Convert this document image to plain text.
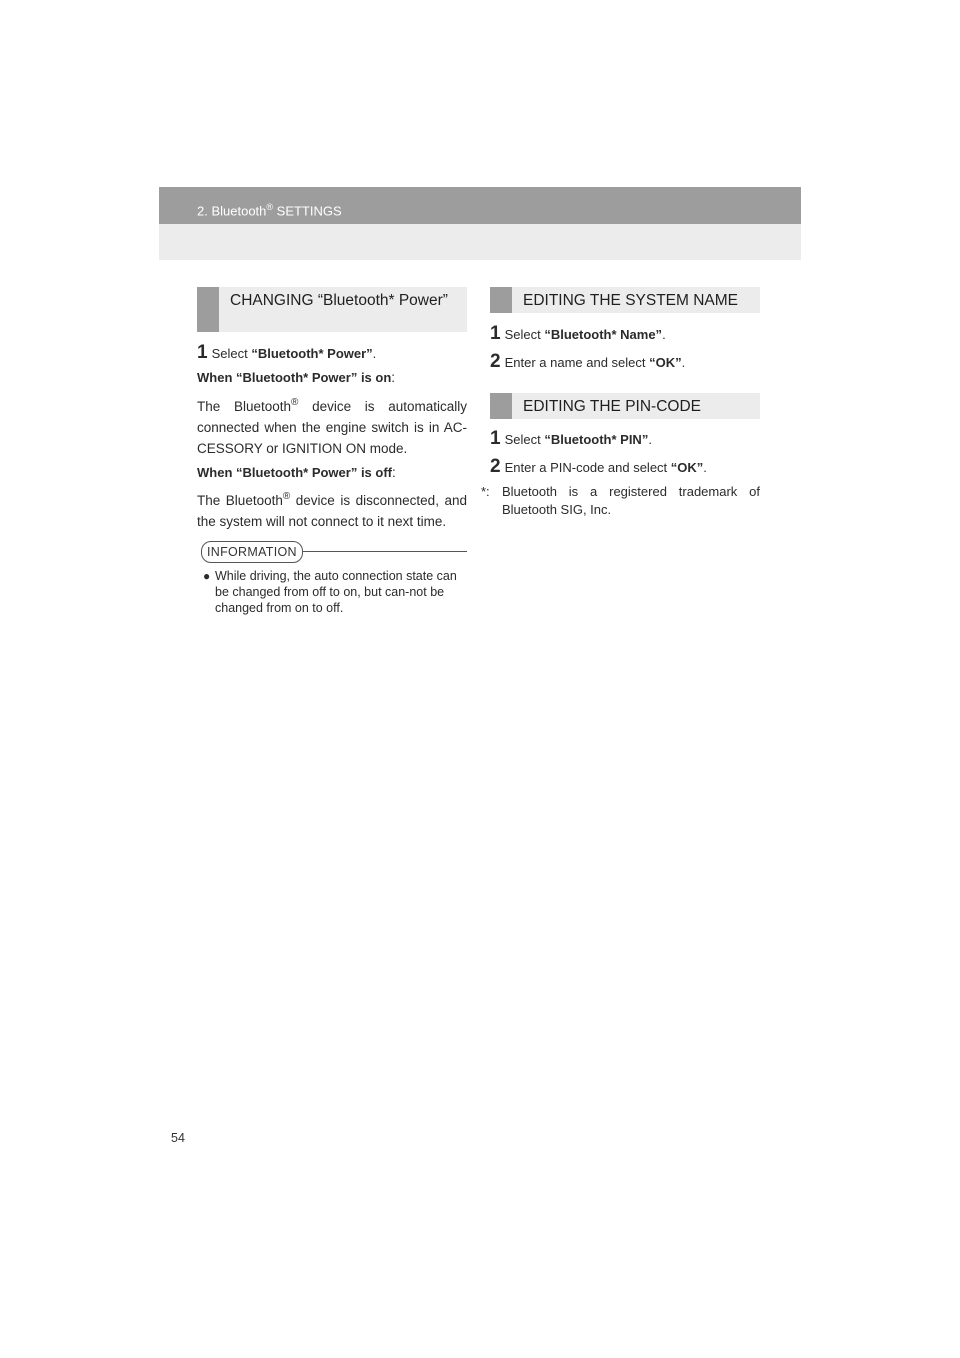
2. Bluetooth® SETTINGS
CHANGING “Bluetooth* Power”

1 Select “Bluetooth* Power”.

When “Bluetooth* Power” is on:

The Bluetooth® device is automatically connected when the engine switch is in AC-CESSORY or IGNITION ON mode.

When “Bluetooth* Power” is off:

The Bluetooth® device is disconnected, and the system will not connect to it next time.

INFORMATION
● While driving, the auto connection state can be changed from off to on, but can-not be changed from on to off.
EDITING THE SYSTEM NAME

1 Select “Bluetooth* Name”.

2 Enter a name and select “OK”.

EDITING THE PIN-CODE

1 Select “Bluetooth* PIN”.

2 Enter a PIN-code and select “OK”.

*: Bluetooth is a registered trademark of Bluetooth SIG, Inc.
54
